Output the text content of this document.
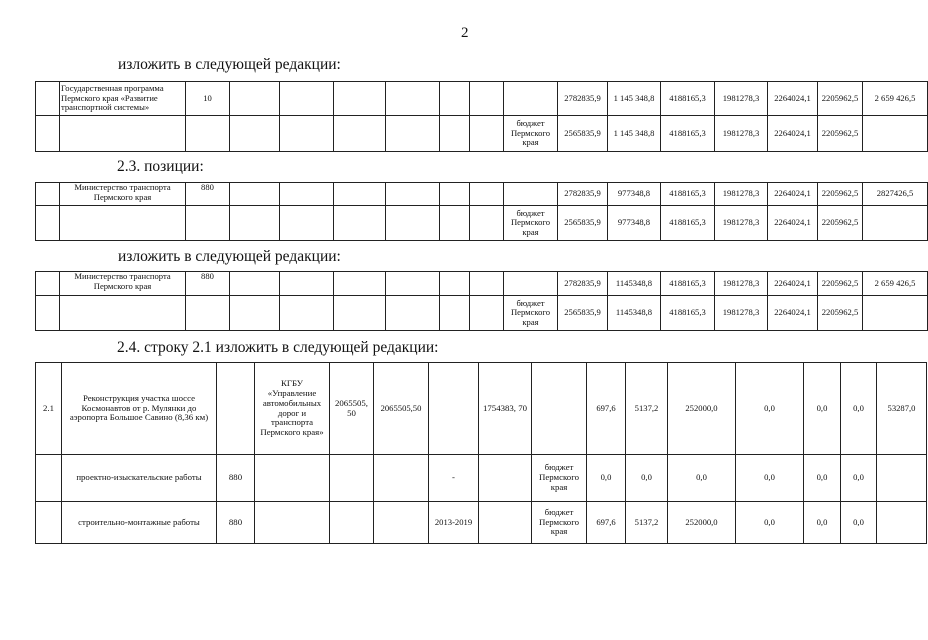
2
изложить в следующей редакции:
	Государственная программа Пермского края «Развитие транспортной системы»	10								2782835,9	1 145 348,8	4188165,3	1981278,3	2264024,1	2205962,5	2 659 426,5
									бюджет Пермского края	2565835,9	1 145 348,8	4188165,3	1981278,3	2264024,1	2205962,5	
2.3. позиции:
	Министерство транспорта Пермского края	880								2782835,9	977348,8	4188165,3	1981278,3	2264024,1	2205962,5	2827426,5
									бюджет Пермского края	2565835,9	977348,8	4188165,3	1981278,3	2264024,1	2205962,5	
изложить в следующей редакции:
	Министерство транспорта Пермского края	880								2782835,9	1145348,8	4188165,3	1981278,3	2264024,1	2205962,5	2 659 426,5
									бюджет Пермского края	2565835,9	1145348,8	4188165,3	1981278,3	2264024,1	2205962,5	
2.4. строку 2.1 изложить в следующей редакции:
2.1	Реконструкция участка шоссе Космонавтов от р. Мулянки до аэропорта Большое Савино (8,36 км)		КГБУ «Управление автомобильных дорог и транспорта Пермского края»	2065505, 50	2065505,50		1754383, 70		697,6	5137,2	252000,0	0,0	0,0	0,0	53287,0
	проектно-изыскательские работы	880				-		бюджет Пермского края	0,0	0,0	0,0	0,0	0,0	0,0	
	строительно-монтажные работы	880				2013-2019		бюджет Пермского края	697,6	5137,2	252000,0	0,0	0,0	0,0	
